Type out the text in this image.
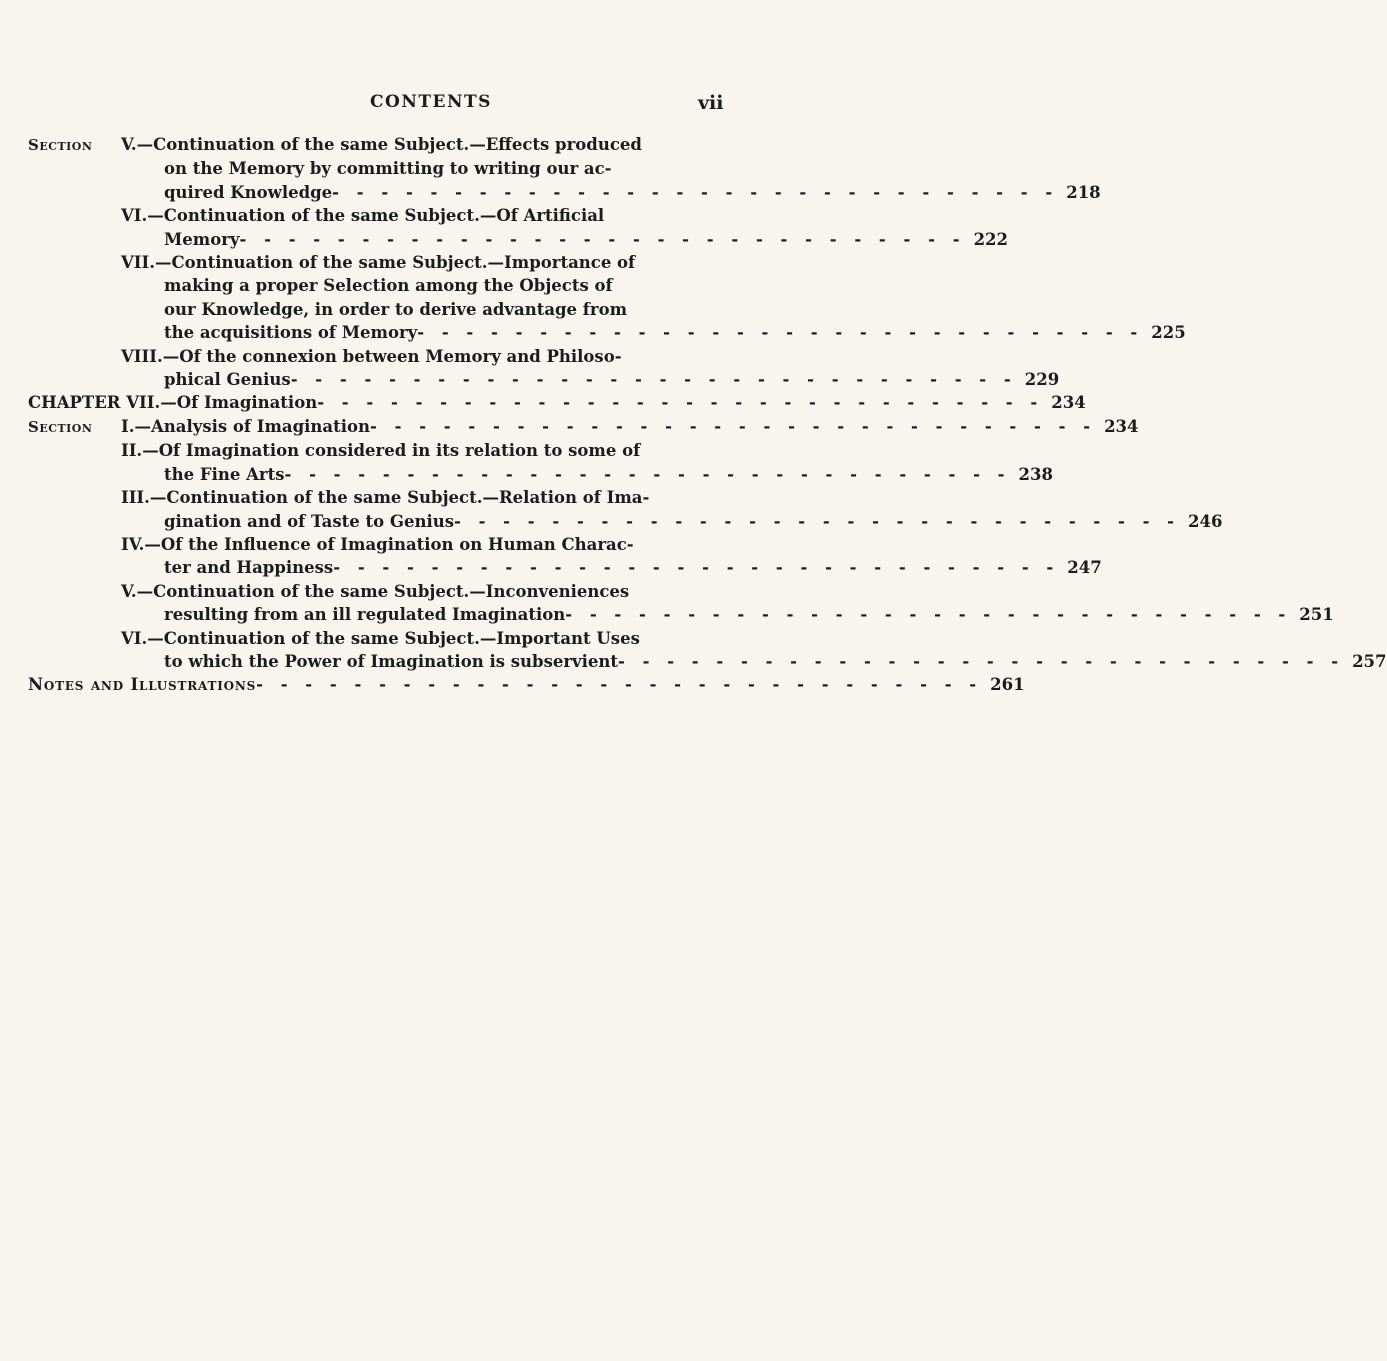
CONTENTS	vii
Section V.—Continuation of the same Subject.—Effects produced
on the Memory by committing to writing our ac-
quired Knowledge - - - - - - - - - - - - - - - - - - - - - - - - - - - - - - 218
VI.—Continuation of the same Subject.—Of Artificial
Memory - - - - - - - - - - - - - - - - - - - - - - - - - - - - - - 222
VII.—Continuation of the same Subject.—Importance of
making a proper Selection among the Objects of
our Knowledge, in order to derive advantage from
the acquisitions of Memory - - - - - - - - - - - - - - - - - - - - - - - - - - - - - - 225
VIII.—Of the connexion between Memory and Philoso-
phical Genius - - - - - - - - - - - - - - - - - - - - - - - - - - - - - - 229
CHAPTER VII.—Of Imagination - - - - - - - - - - - - - - - - - - - - - - - - - - - - - - 234
Section I.—Analysis of Imagination - - - - - - - - - - - - - - - - - - - - - - - - - - - - - - 234
II.—Of Imagination considered in its relation to some of
the Fine Arts - - - - - - - - - - - - - - - - - - - - - - - - - - - - - - 238
III.—Continuation of the same Subject.—Relation of Ima-
gination and of Taste to Genius - - - - - - - - - - - - - - - - - - - - - - - - - - - - - - 246
IV.—Of the Influence of Imagination on Human Charac-
ter and Happiness - - - - - - - - - - - - - - - - - - - - - - - - - - - - - - 247
V.—Continuation of the same Subject.—Inconveniences
resulting from an ill regulated Imagination - - - - - - - - - - - - - - - - - - - - - - - - - - - - - - 251
VI.—Continuation of the same Subject.—Important Uses
to which the Power of Imagination is subservient - - - - - - - - - - - - - - - - - - - - - - - - - - - - - - 257
Notes and Illustrations - - - - - - - - - - - - - - - - - - - - - - - - - - - - - - 261
